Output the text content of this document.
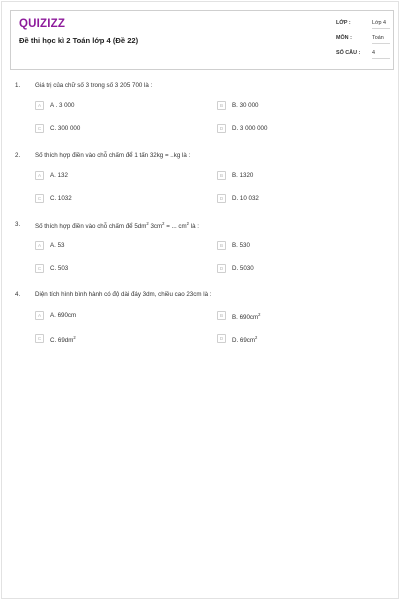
QUIZIZZ
Đề thi học kì 2 Toán lớp 4 (Đề 22)
LỚP :	Lớp 4
MÔN :	Toán
SỐ CÂU : 4
1. Giá trị của chữ số 3 trong số 3 205 700 là :
A	A . 3 000	B	B. 30 000
C	C. 300 000	D	D. 3 000 000
2. Số thích hợp điền vào chỗ chấm để 1 tấn 32kg = ..kg là :
A	A. 132	B	B. 1320
C	C. 1032	D	D. 10 032
3. Số thích hợp điền vào chỗ chấm để $5dm^2$ $3cm^2$ = ... $cm^2$ là :
A	A. 53	B	B. 530
C	C. 503	D	D. 5030
4. Diện tích hình bình hành có độ dài đáy 3dm, chiều cao 23cm là :
A	A. 690cm	B	B. $690cm^2$
C	C. $69dm^2$	D	D. $69cm^2$
